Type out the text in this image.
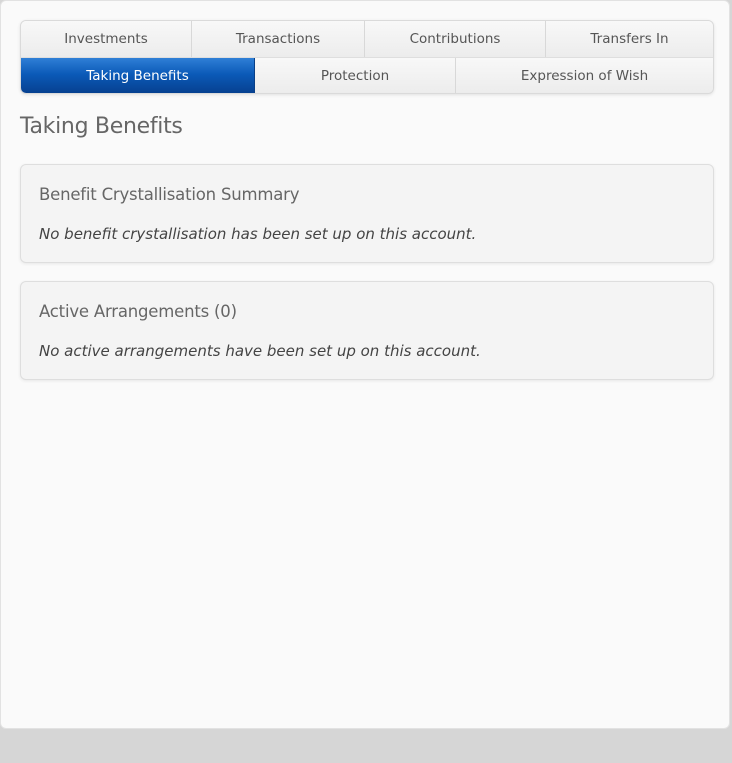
Investments	Transactions	Contributions	Transfers In
Taking Benefits	Protection	Expression of Wish
Taking Benefits
Benefit Crystallisation Summary
No benefit crystallisation has been set up on this account.
Active Arrangements (0)
No active arrangements have been set up on this account.
